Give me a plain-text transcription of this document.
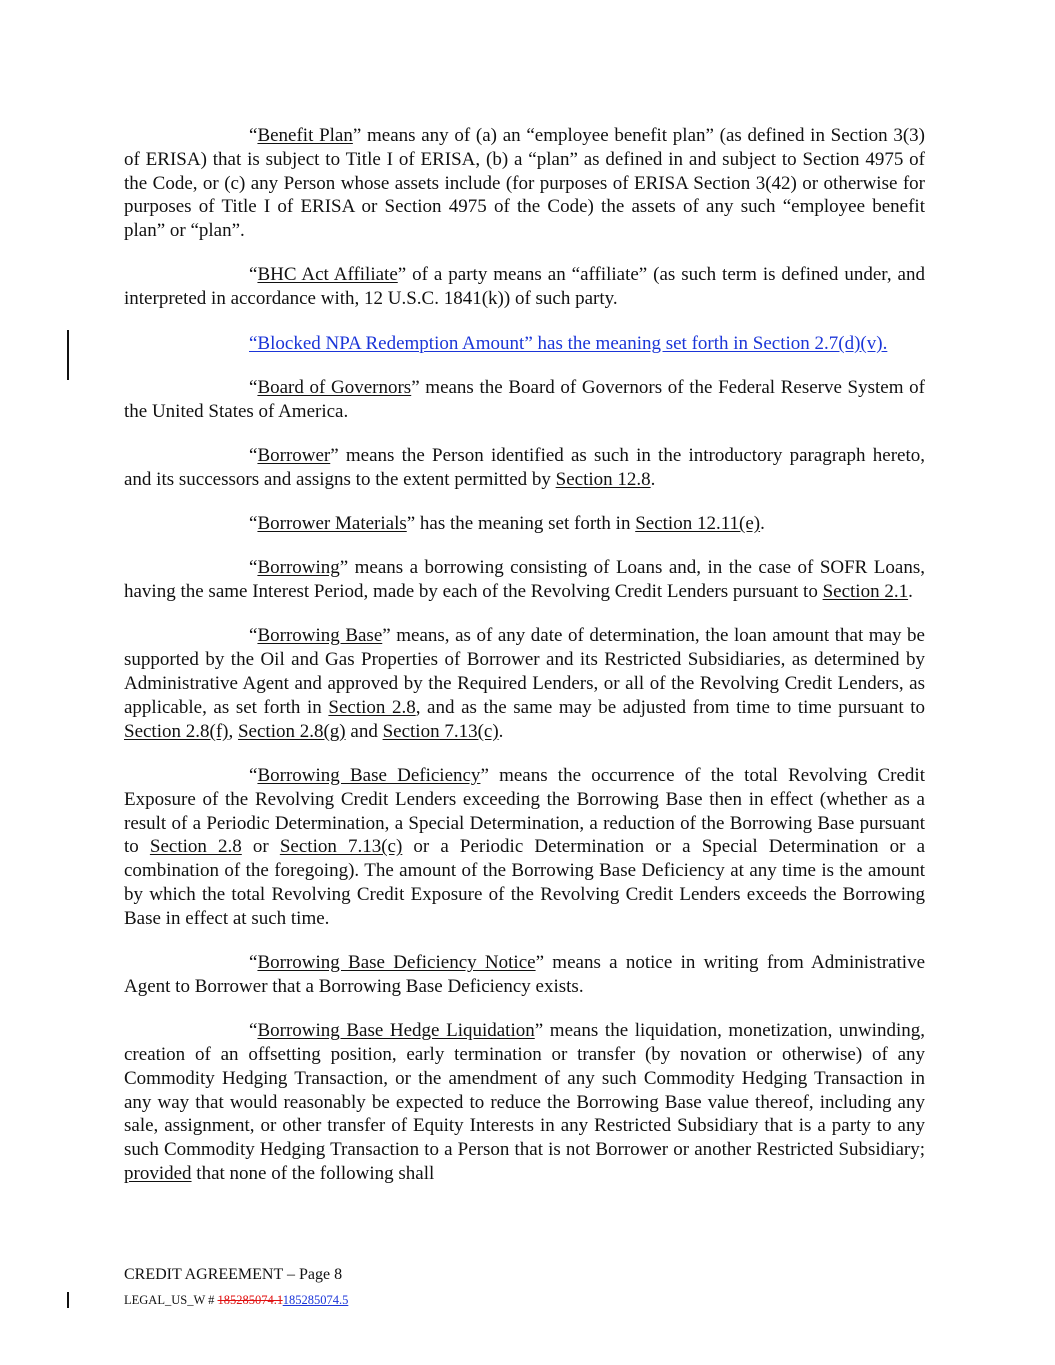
“Benefit Plan” means any of (a) an “employee benefit plan” (as defined in Section 3(3) of ERISA) that is subject to Title I of ERISA, (b) a “plan” as defined in and subject to Section 4975 of the Code, or (c) any Person whose assets include (for purposes of ERISA Section 3(42) or otherwise for purposes of Title I of ERISA or Section 4975 of the Code) the assets of any such “employee benefit plan” or “plan”.

“BHC Act Affiliate” of a party means an “affiliate” (as such term is defined under, and interpreted in accordance with, 12 U.S.C. 1841(k)) of such party.

“Blocked NPA Redemption Amount” has the meaning set forth in Section 2.7(d)(v).

“Board of Governors” means the Board of Governors of the Federal Reserve System of the United States of America.

“Borrower” means the Person identified as such in the introductory paragraph hereto, and its successors and assigns to the extent permitted by Section 12.8.

“Borrower Materials” has the meaning set forth in Section 12.11(e).

“Borrowing” means a borrowing consisting of Loans and, in the case of SOFR Loans, having the same Interest Period, made by each of the Revolving Credit Lenders pursuant to Section 2.1.

“Borrowing Base” means, as of any date of determination, the loan amount that may be supported by the Oil and Gas Properties of Borrower and its Restricted Subsidiaries, as determined by Administrative Agent and approved by the Required Lenders, or all of the Revolving Credit Lenders, as applicable, as set forth in Section 2.8, and as the same may be adjusted from time to time pursuant to Section 2.8(f), Section 2.8(g) and Section 7.13(c).

“Borrowing Base Deficiency” means the occurrence of the total Revolving Credit Exposure of the Revolving Credit Lenders exceeding the Borrowing Base then in effect (whether as a result of a Periodic Determination, a Special Determination, a reduction of the Borrowing Base pursuant to Section 2.8 or Section 7.13(c) or a Periodic Determination or a Special Determination or a combination of the foregoing). The amount of the Borrowing Base Deficiency at any time is the amount by which the total Revolving Credit Exposure of the Revolving Credit Lenders exceeds the Borrowing Base in effect at such time.

“Borrowing Base Deficiency Notice” means a notice in writing from Administrative Agent to Borrower that a Borrowing Base Deficiency exists.

“Borrowing Base Hedge Liquidation” means the liquidation, monetization, unwinding, creation of an offsetting position, early termination or transfer (by novation or otherwise) of any Commodity Hedging Transaction, or the amendment of any such Commodity Hedging Transaction in any way that would reasonably be expected to reduce the Borrowing Base value thereof, including any sale, assignment, or other transfer of Equity Interests in any Restricted Subsidiary that is a party to any such Commodity Hedging Transaction to a Person that is not Borrower or another Restricted Subsidiary; provided that none of the following shall

CREDIT AGREEMENT – Page 8
LEGAL_US_W # 185285074.1185285074.5
